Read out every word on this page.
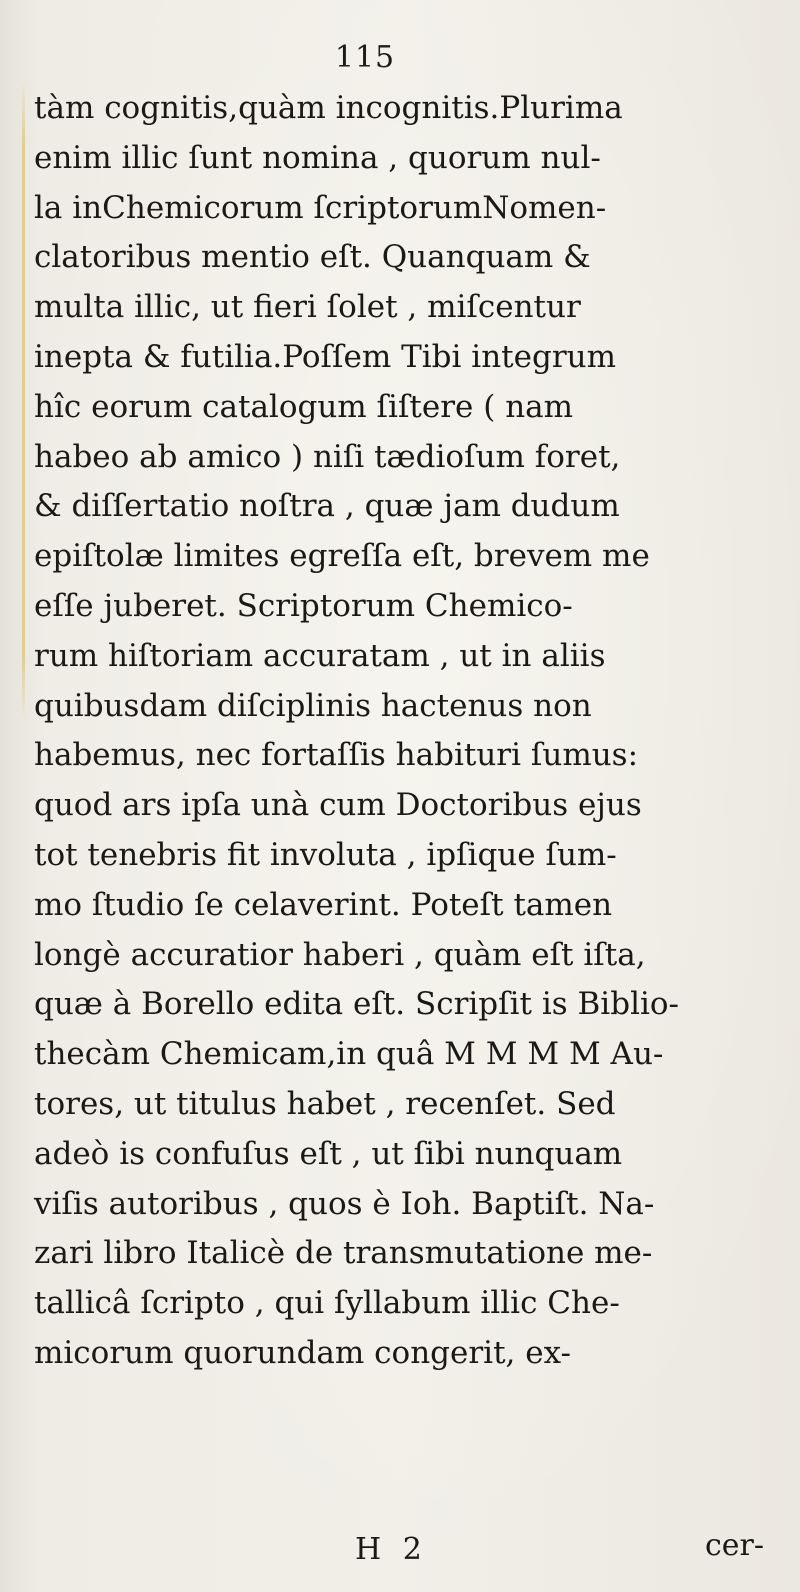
115
tàm cognitis,quàm incognitis.Plurima
enim illic ſunt nomina , quorum nul-
la inChemicorum ſcriptorumNomen-
clatoribus mentio eſt. Quanquam &
multa illic, ut fieri ſolet , miſcentur
inepta & futilia.Poſſem Tibi integrum
hîc eorum catalogum ſiſtere ( nam
habeo ab amico ) niſi tædioſum foret,
& diſſertatio noſtra , quæ jam dudum
epiſtolæ limites egreſſa eſt, brevem me
eſſe juberet. Scriptorum Chemico-
rum hiſtoriam accuratam , ut in aliis
quibusdam diſciplinis hactenus non
habemus, nec fortaſſis habituri ſumus:
quod ars ipſa unà cum Doctoribus ejus
tot tenebris fit involuta , ipſique ſum-
mo ſtudio ſe celaverint. Poteſt tamen
longè accuratior haberi , quàm eſt iſta,
quæ à Borello edita eſt. Scripſit is Biblio-
thecàm Chemicam,in quâ M M M M Au-
tores, ut titulus habet , recenſet. Sed
adeò is confuſus eſt , ut ſibi nunquam
viſis autoribus , quos è Ioh. Baptiſt. Na-
zari libro Italicè de transmutatione me-
tallicâ ſcripto , qui ſyllabum illic Che-
micorum quorundam congerit, ex-
H 2	cer-
